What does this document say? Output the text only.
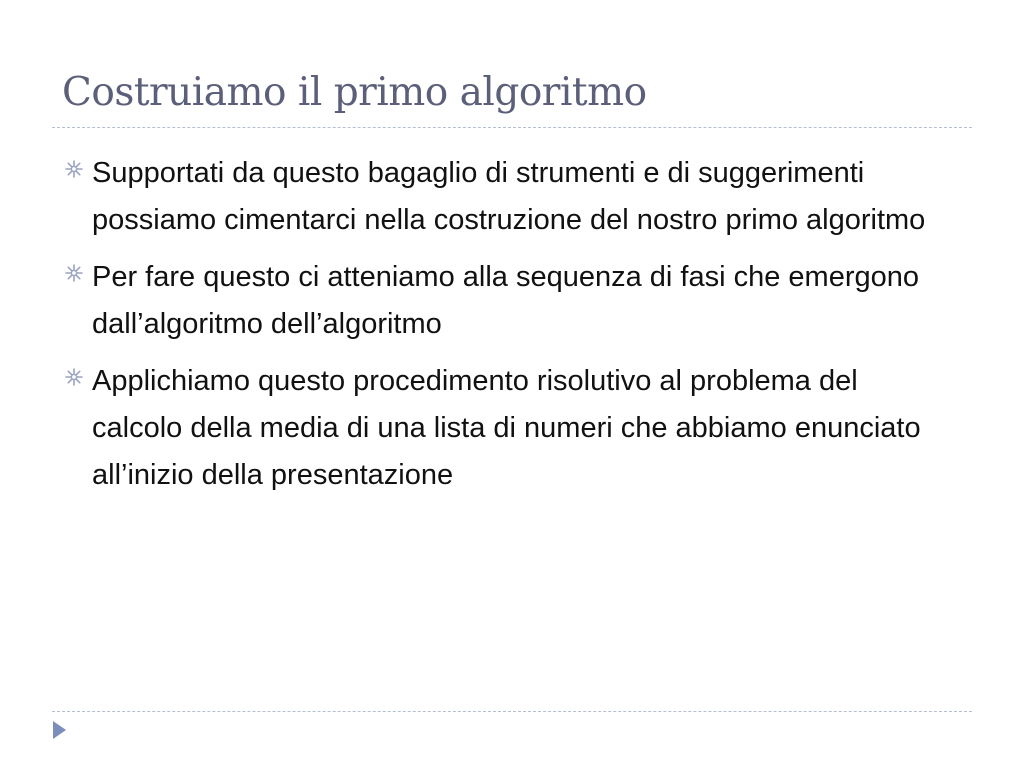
Costruiamo il primo algoritmo
Supportati da questo bagaglio di strumenti e di suggerimenti possiamo cimentarci nella costruzione del nostro primo algoritmo
Per fare questo ci atteniamo alla sequenza di fasi che emergono dall’algoritmo dell’algoritmo
Applichiamo questo procedimento risolutivo al problema del calcolo della media di una lista di numeri che abbiamo enunciato all’inizio della presentazione
